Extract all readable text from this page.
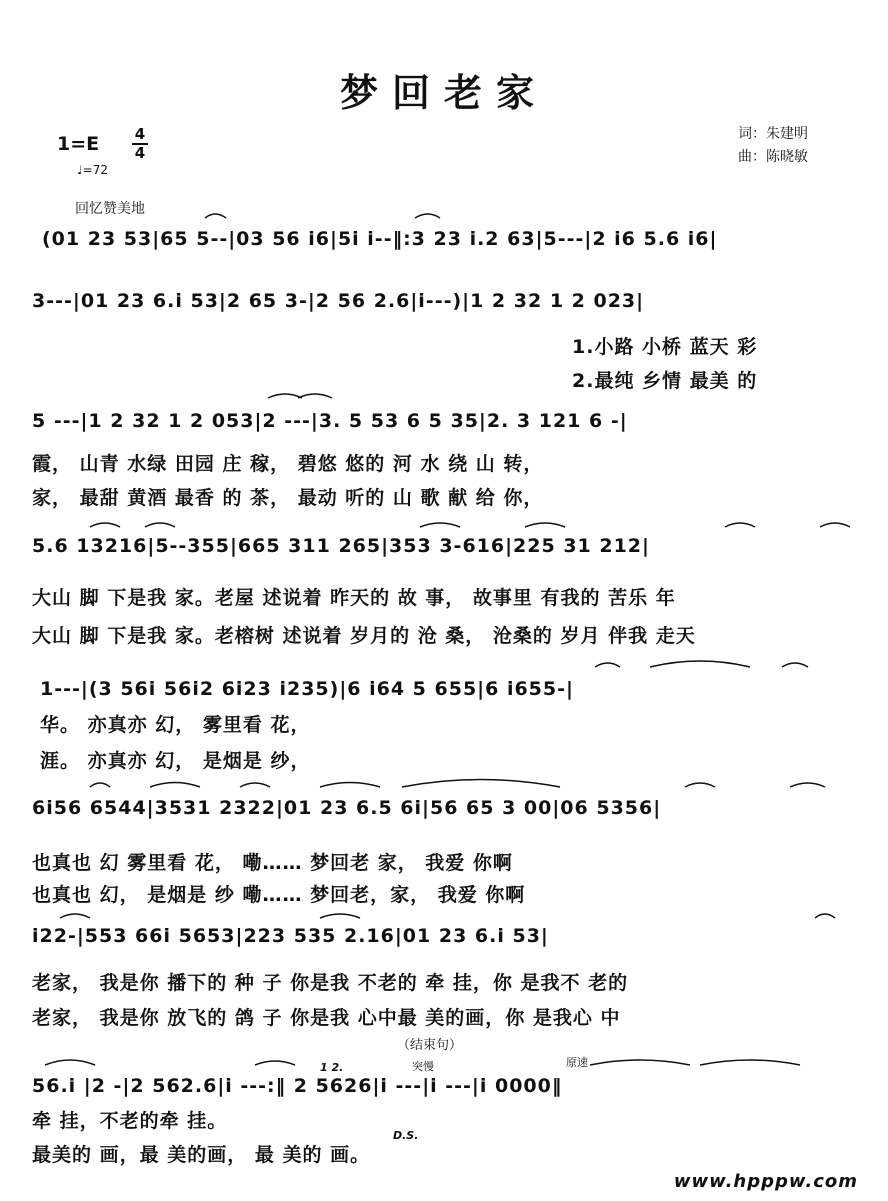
梦回老家
1=E 4
4
♩=72
词：朱建明
曲：陈晓敏
回忆赞美地
(01 23 53|65 5--|03 56 i6|5i i--‖:3 23 i.2 63|5---|2 i6 5.6 i6|
3---|01 23 6.i 53|2 65 3-|2 56 2.6|i---)|1 2 32 1 2 023|
1.小路 小桥 蓝天 彩
2.最纯 乡情 最美 的
5 ---|1 2 32 1 2 053|2 ---|3. 5 53 6 5 35|2. 3 121 6 -|
霞， 山青 水绿 田园 庄 稼， 碧悠 悠的 河 水 绕 山 转，
家， 最甜 黄酒 最香 的 茶， 最动 听的 山 歌 献 给 你，
5.6 13216|5--355|665 311 265|353 3-616|225 31 212|
大山 脚 下是我 家。老屋 述说着 昨天的 故 事， 故事里 有我的 苦乐 年
大山 脚 下是我 家。老榕树 述说着 岁月的 沧 桑， 沧桑的 岁月 伴我 走天
1---|(3 56i 56i2 6i23 i235)|6 i64 5 655|6 i655-|
华。 亦真亦 幻， 雾里看 花，
涯。 亦真亦 幻， 是烟是 纱，
6i56 6544|3531 2322|01 23 6.5 6i|56 65 3 00|06 5356|
也真也 幻 雾里看 花， 嘞…… 梦回老 家， 我爱 你啊
也真也 幻， 是烟是 纱 嘞…… 梦回老，家， 我爱 你啊
i22-|553 66i 5653|223 535 2.16|01 23 6.i 53|
老家， 我是你 播下的 种 子 你是我 不老的 牵 挂，你 是我不 老的
老家， 我是你 放飞的 鸽 子 你是我 心中最 美的画，你 是我心 中
（结束句）
突慢	原速
1 2.
D.S.
56.i |2 -|2 562.6|i ---:‖ 2 5626|i ---|i ---|i 0000‖
牵 挂，不老的牵 挂。
最美的 画，最 美的画， 最 美的 画。
www.hpppw.com
